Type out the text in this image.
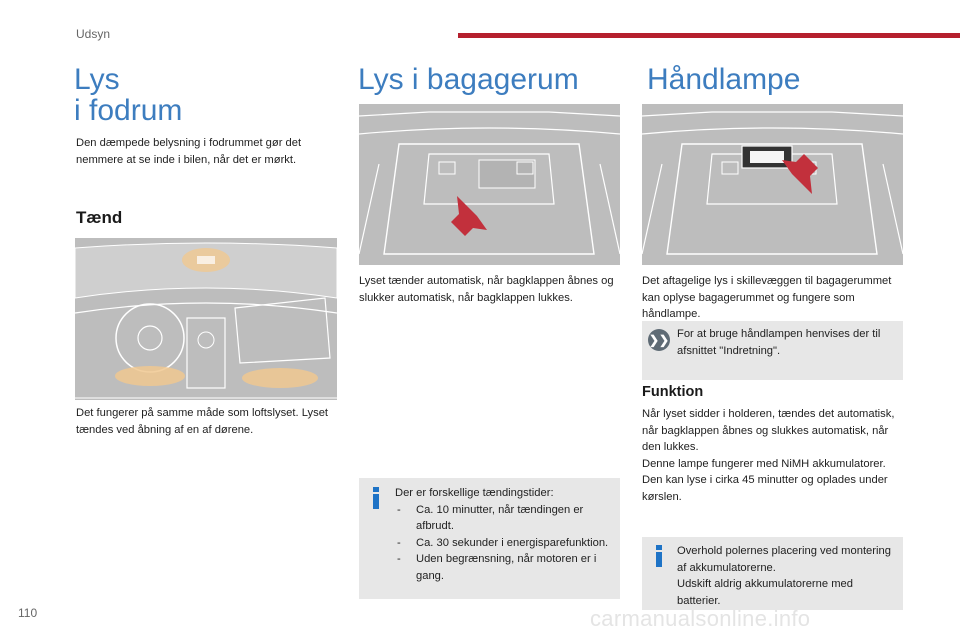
Udsyn
Lys
i fodrum
Den dæmpede belysning i fodrummet gør det nemmere at se inde i bilen, når det er mørkt.
Tænd
Det fungerer på samme måde som loftslyset. Lyset tændes ved åbning af en af dørene.
Lys i bagagerum
Lyset tænder automatisk, når bagklappen åbnes og slukker automatisk, når bagklappen lukkes.
Der er forskellige tændingstider:
- Ca. 10 minutter, når tændingen er afbrudt.
- Ca. 30 sekunder i energisparefunktion.
- Uden begrænsning, når motoren er i gang.
Håndlampe
Det aftagelige lys i skillevæggen til bagagerummet kan oplyse bagagerummet og fungere som håndlampe.
❯❯ For at bruge håndlampen henvises der til afsnittet "Indretning".
Funktion
Når lyset sidder i holderen, tændes det automatisk, når bagklappen åbnes og slukkes automatisk, når den lukkes.
Denne lampe fungerer med NiMH akkumulatorer.
Den kan lyse i cirka 45 minutter og oplades under kørslen.
Overhold polernes placering ved montering af akkumulatorerne.
Udskift aldrig akkumulatorerne med batterier.
110	carmanualsonline.info
